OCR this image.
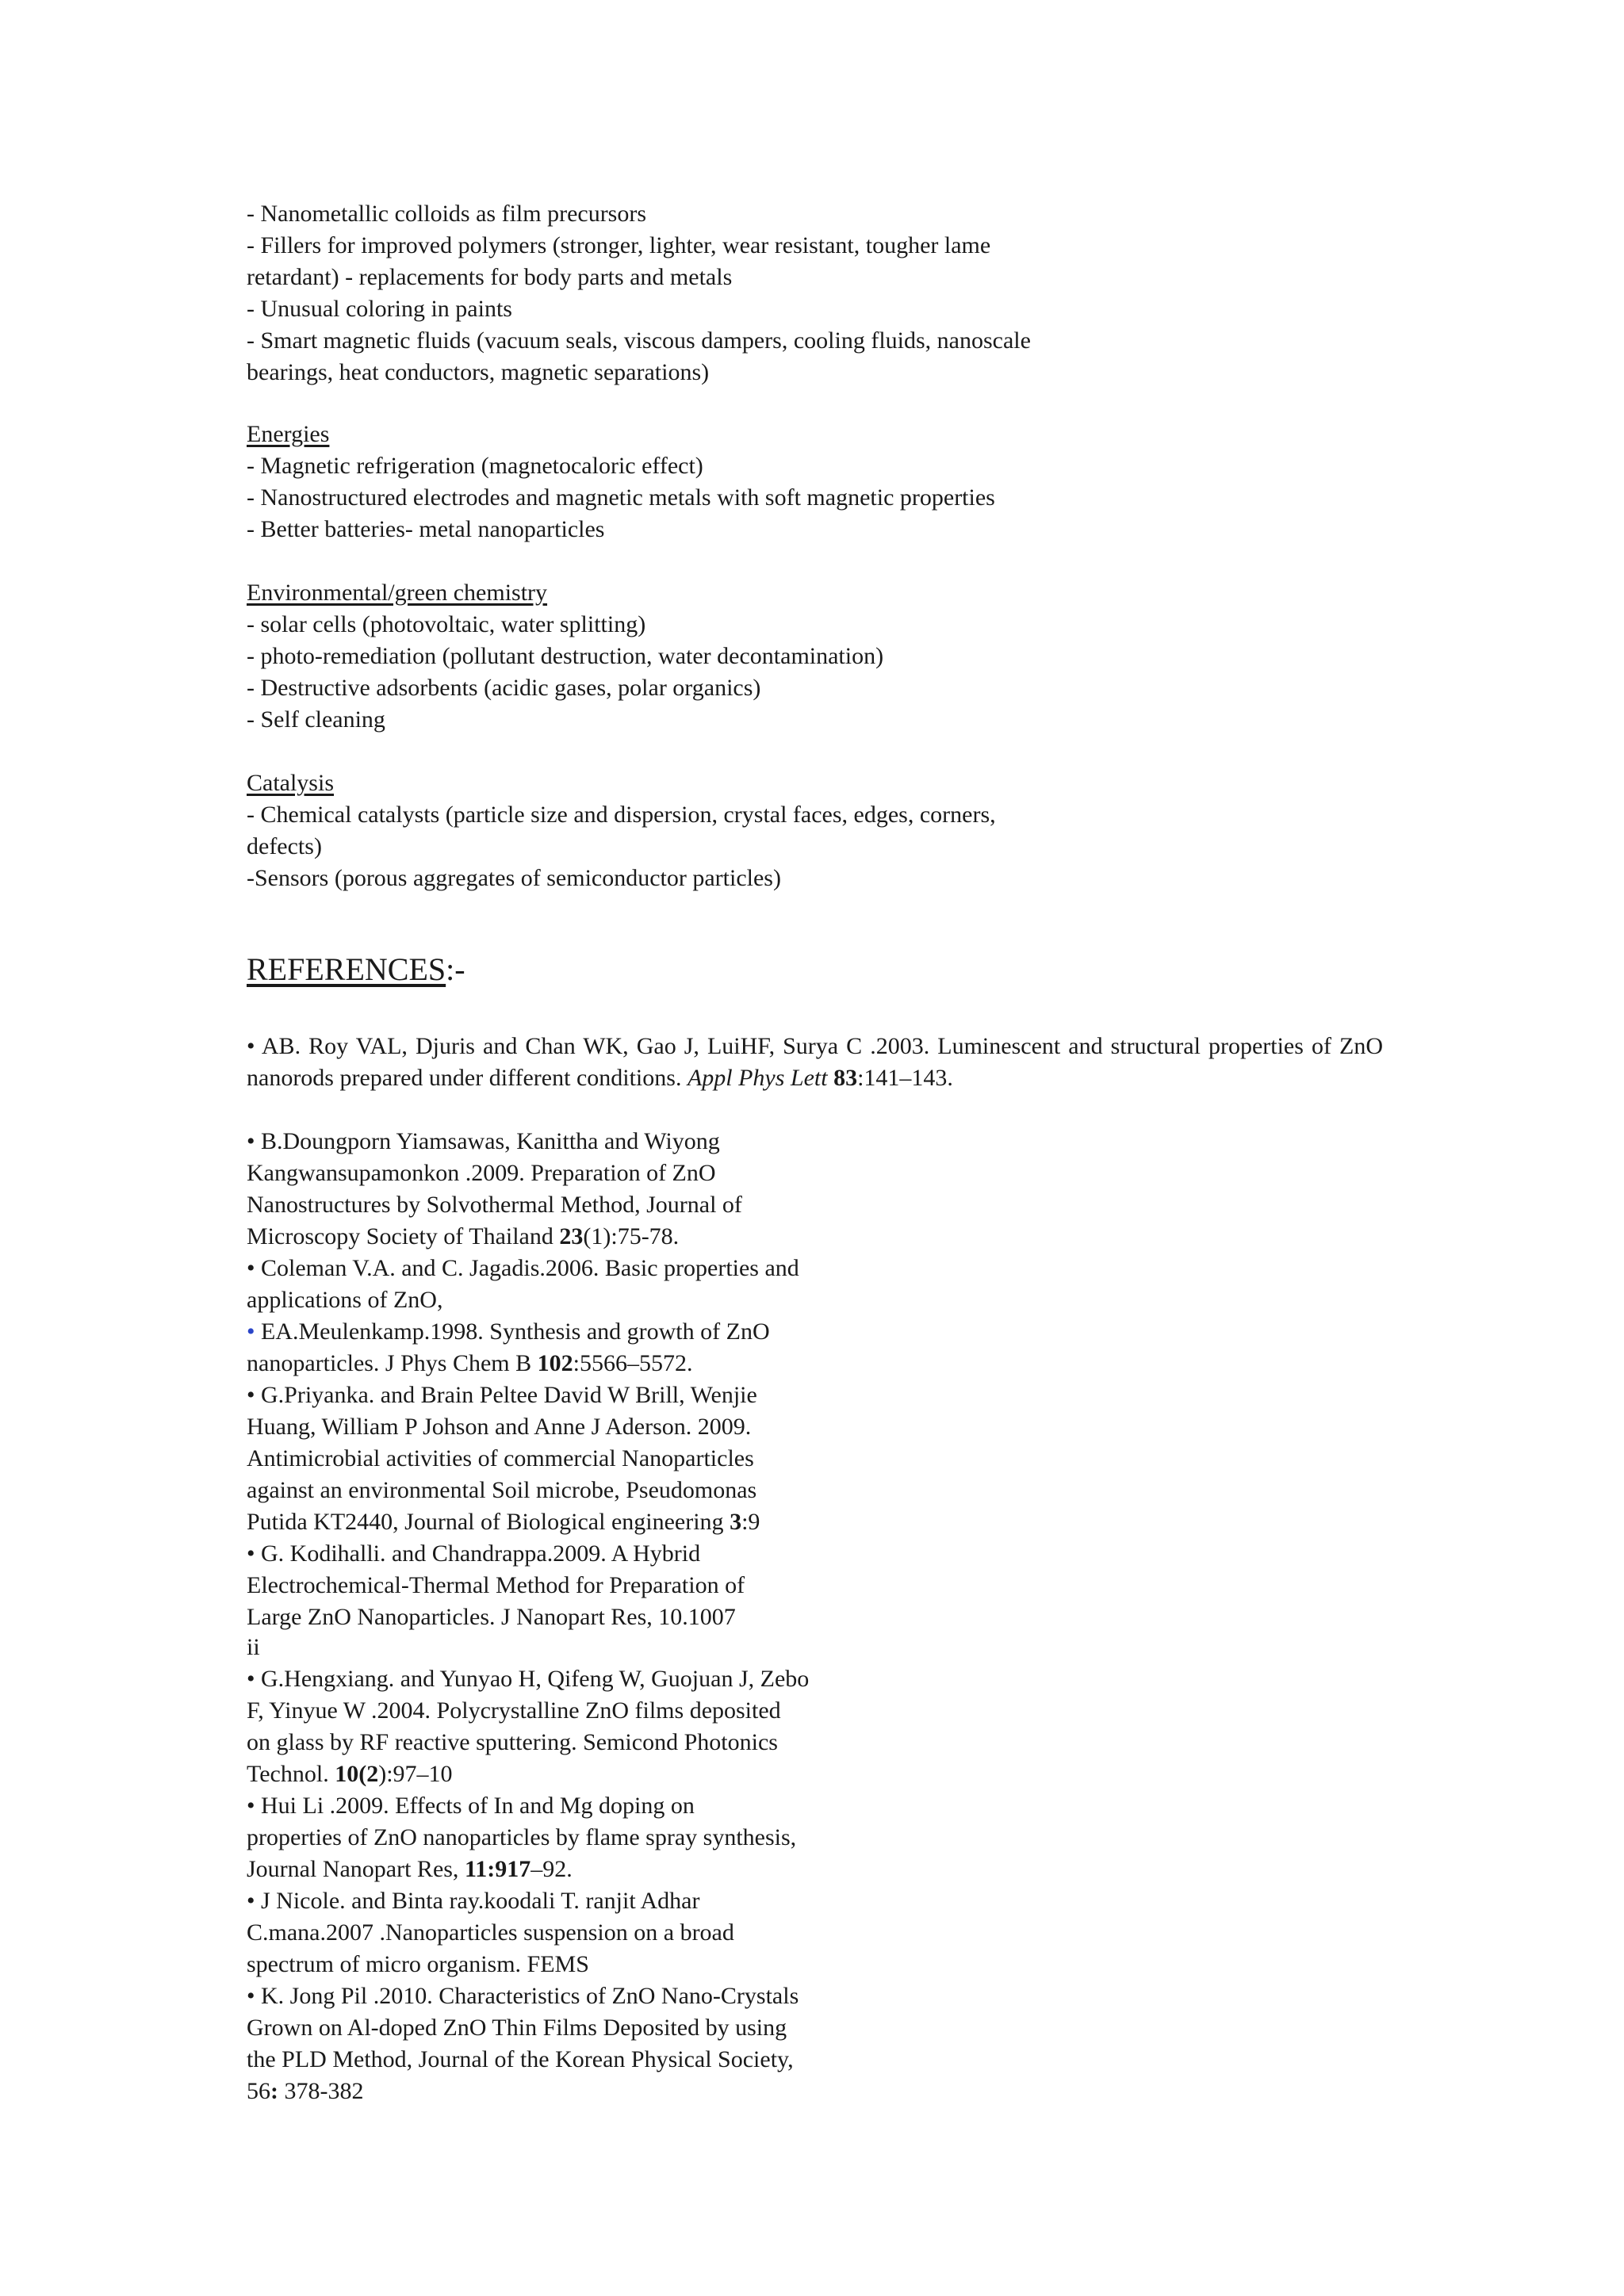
- Nanometallic colloids as film precursors
- Fillers for improved polymers (stronger, lighter, wear resistant, tougher lame
retardant) - replacements for body parts and metals
- Unusual coloring in paints
- Smart magnetic fluids (vacuum seals, viscous dampers, cooling fluids, nanoscale
bearings, heat conductors, magnetic separations)
Energies
- Magnetic refrigeration (magnetocaloric effect)
- Nanostructured electrodes and magnetic metals with soft magnetic properties
- Better batteries- metal nanoparticles
Environmental/green chemistry
- solar cells (photovoltaic, water splitting)
- photo-remediation (pollutant destruction, water decontamination)
- Destructive adsorbents (acidic gases, polar organics)
- Self cleaning
Catalysis
- Chemical catalysts (particle size and dispersion, crystal faces, edges, corners,
defects)
-Sensors (porous aggregates of semiconductor particles)
REFERENCES:-
• AB. Roy VAL, Djuris and Chan WK, Gao J, LuiHF, Surya C .2003. Luminescent and structural properties of ZnO nanorods prepared under different conditions. Appl Phys Lett 83:141–143.
• B.Doungporn Yiamsawas, Kanittha and Wiyong
Kangwansupamonkon .2009. Preparation of ZnO
Nanostructures by Solvothermal Method, Journal of
Microscopy Society of Thailand 23(1):75-78.
• Coleman V.A. and C. Jagadis.2006. Basic properties and
applications of ZnO,
• EA.Meulenkamp.1998. Synthesis and growth of ZnO
nanoparticles. J Phys Chem B 102:5566–5572.
• G.Priyanka. and Brain Peltee David W Brill, Wenjie
Huang, William P Johson and Anne J Aderson. 2009.
Antimicrobial activities of commercial Nanoparticles
against an environmental Soil microbe, Pseudomonas
Putida KT2440, Journal of Biological engineering 3:9
• G. Kodihalli. and Chandrappa.2009. A Hybrid
Electrochemical-Thermal Method for Preparation of
Large ZnO Nanoparticles. J Nanopart Res, 10.1007
ii
• G.Hengxiang. and Yunyao H, Qifeng W, Guojuan J, Zebo
F, Yinyue W .2004. Polycrystalline ZnO films deposited
on glass by RF reactive sputtering. Semicond Photonics
Technol. 10(2):97–10
• Hui Li .2009. Effects of In and Mg doping on
properties of ZnO nanoparticles by flame spray synthesis,
Journal Nanopart Res, 11:917–92.
• J Nicole. and Binta ray.koodali T. ranjit Adhar
C.mana.2007 .Nanoparticles suspension on a broad
spectrum of micro organism. FEMS
• K. Jong Pil .2010. Characteristics of ZnO Nano-Crystals
Grown on Al-doped ZnO Thin Films Deposited by using
the PLD Method, Journal of the Korean Physical Society,
56: 378-382
